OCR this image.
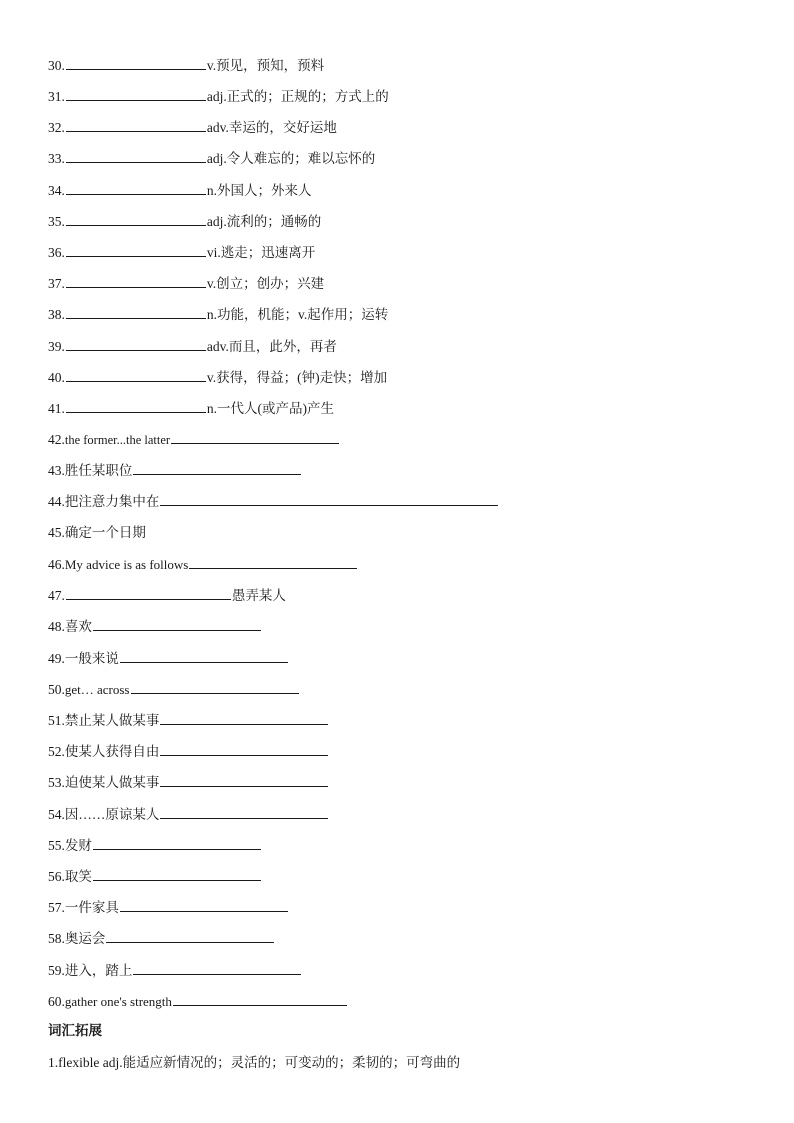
30.	v.预见，预知，预料
31.	adj.正式的；正规的；方式上的
32.	adv.幸运的，交好运地
33.	adj.令人难忘的；难以忘怀的
34.	n.外国人；外来人
35.	adj.流利的；通畅的
36.	vi.逃走；迅速离开
37.	v.创立；创办；兴建
38.	n.功能，机能；v.起作用；运转
39.	adv.而且，此外，再者
40.	v.获得，得益；(钟)走快；增加
41.	n.一代人(或产品)产生
42. the former...the latter
43. 胜任某职位
44. 把注意力集中在
45. 确定一个日期
46. My advice is as follows
47.	愚弄某人
48. 喜欢
49. 一般来说
50. get… across
51. 禁止某人做某事
52. 使某人获得自由
53. 迫使某人做某事
54. 因……原谅某人
55. 发财
56. 取笑
57. 一件家具
58. 奥运会
59. 进入，踏上
60. gather one's strength
词汇拓展
1.flexible adj.能适应新情况的；灵活的；可变动的；柔韧的；可弯曲的
